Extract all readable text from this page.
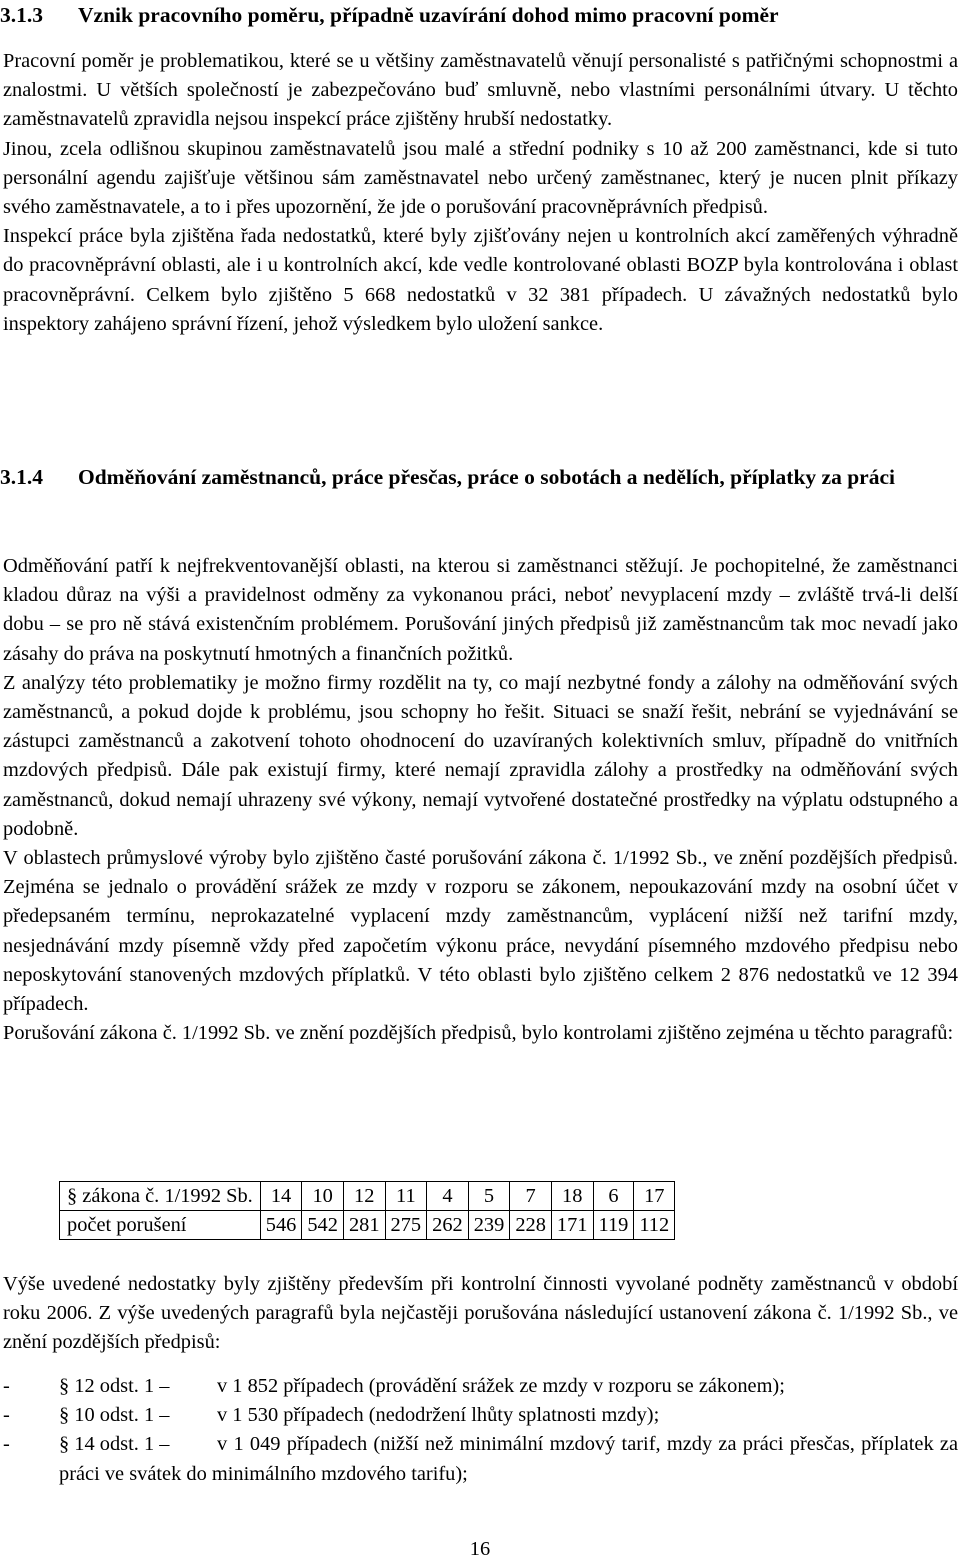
3.1.3	Vznik pracovního poměru, případně uzavírání dohod mimo pracovní poměr
Pracovní poměr je problematikou, které se u většiny zaměstnavatelů věnují personalisté s patřičnými schopnostmi a znalostmi. U větších společností je zabezpečováno buď smluvně, nebo vlastními personálními útvary. U těchto zaměstnavatelů zpravidla nejsou inspekcí práce zjištěny hrubší nedostatky.
Jinou, zcela odlišnou skupinou zaměstnavatelů jsou malé a střední podniky s 10 až 200 zaměstnanci, kde si tuto personální agendu zajišťuje většinou sám zaměstnavatel nebo určený zaměstnanec, který je nucen plnit příkazy svého zaměstnavatele, a to i přes upozornění, že jde o porušování pracovněprávních předpisů.
Inspekcí práce byla zjištěna řada nedostatků, které byly zjišťovány nejen u kontrolních akcí zaměřených výhradně do pracovněprávní oblasti, ale i u kontrolních akcí, kde vedle kontrolované oblasti BOZP byla kontrolována i oblast pracovněprávní. Celkem bylo zjištěno 5 668 nedostatků v 32 381 případech. U závažných nedostatků bylo inspektory zahájeno správní řízení, jehož výsledkem bylo uložení sankce.
3.1.4	Odměňování zaměstnanců, práce přesčas, práce o sobotách a nedělích, příplatky za práci
Odměňování patří k nejfrekventovanější oblasti, na kterou si zaměstnanci stěžují. Je pochopitelné, že zaměstnanci kladou důraz na výši a pravidelnost odměny za vykonanou práci, neboť nevyplacení mzdy – zvláště trvá-li delší dobu – se pro ně stává existenčním problémem. Porušování jiných předpisů již zaměstnancům tak moc nevadí jako zásahy do práva na poskytnutí hmotných a finančních požitků.
Z analýzy této problematiky je možno firmy rozdělit na ty, co mají nezbytné fondy a zálohy na odměňování svých zaměstnanců, a pokud dojde k problému, jsou schopny ho řešit. Situaci se snaží řešit, nebrání se vyjednávání se zástupci zaměstnanců a zakotvení tohoto ohodnocení do uzavíraných kolektivních smluv, případně do vnitřních mzdových předpisů. Dále pak existují firmy, které nemají zpravidla zálohy a prostředky na odměňování svých zaměstnanců, dokud nemají uhrazeny své výkony, nemají vytvořené dostatečné prostředky na výplatu odstupného a podobně.
V oblastech průmyslové výroby bylo zjištěno časté porušování zákona č. 1/1992 Sb., ve znění pozdějších předpisů. Zejména se jednalo o provádění srážek ze mzdy v rozporu se zákonem, nepoukazování mzdy na osobní účet v předepsaném termínu, neprokazatelné vyplacení mzdy zaměstnancům, vyplácení nižší než tarifní mzdy, nesjednávání mzdy písemně vždy před započetím výkonu práce, nevydání písemného mzdového předpisu nebo neposkytování stanovených mzdových příplatků. V této oblasti bylo zjištěno celkem 2 876 nedostatků ve 12 394 případech.
Porušování zákona č. 1/1992 Sb. ve znění pozdějších předpisů, bylo kontrolami zjištěno zejména u těchto paragrafů:
§ zákona č. 1/1992 Sb.	14	10	12	11	4	5	7	18	6	17
počet porušení	546	542	281	275	262	239	228	171	119	112
Výše uvedené nedostatky byly zjištěny především při kontrolní činnosti vyvolané podněty zaměstnanců v období roku 2006. Z výše uvedených paragrafů byla nejčastěji porušována následující ustanovení zákona č. 1/1992 Sb., ve znění pozdějších předpisů:
- § 12 odst. 1 – v 1 852 případech (provádění srážek ze mzdy v rozporu se zákonem);
- § 10 odst. 1 – v 1 530 případech (nedodržení lhůty splatnosti mzdy);
- § 14 odst. 1 – v 1 049 případech (nižší než minimální mzdový tarif, mzdy za práci přesčas, příplatek za práci ve svátek do minimálního mzdového tarifu);
16
